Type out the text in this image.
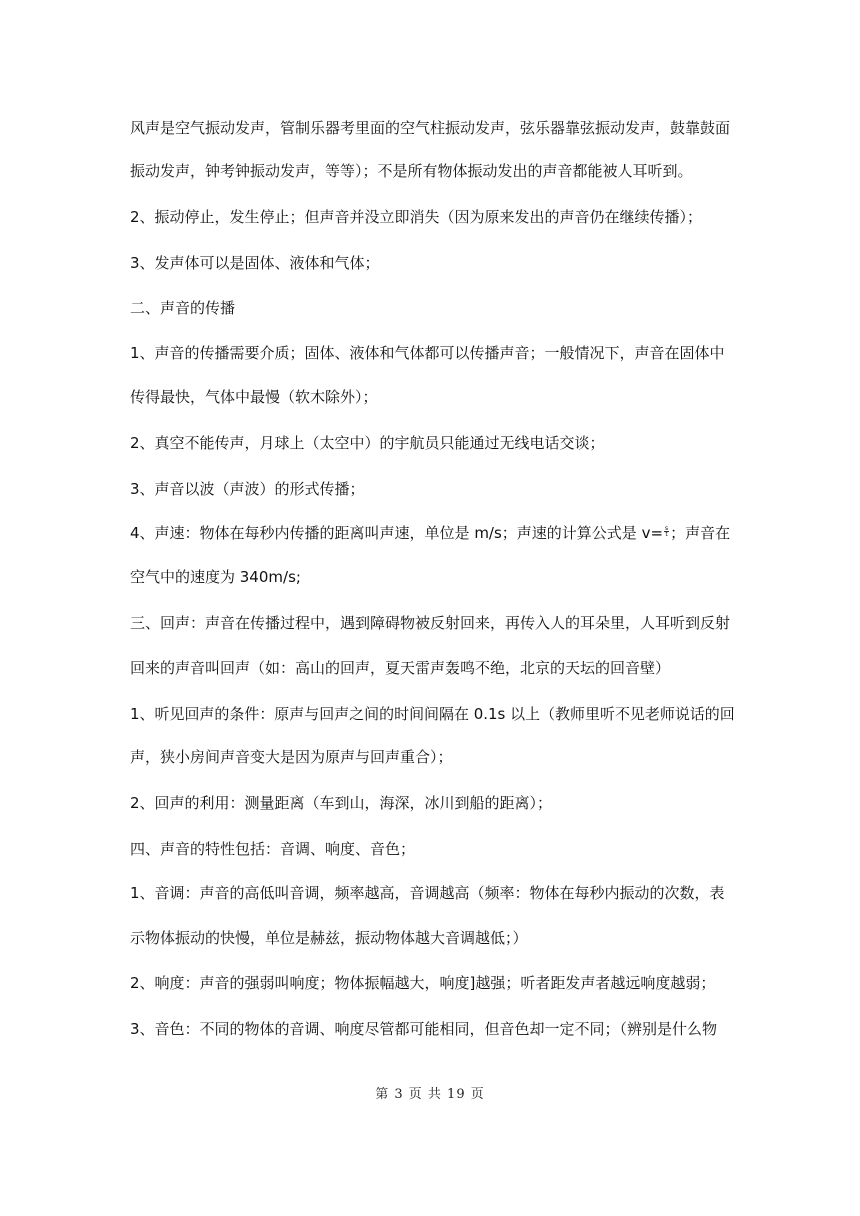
风声是空气振动发声，管制乐器考里面的空气柱振动发声，弦乐器靠弦振动发声，鼓靠鼓面
振动发声，钟考钟振动发声，等等）；不是所有物体振动发出的声音都能被人耳听到。
2、振动停止，发生停止；但声音并没立即消失（因为原来发出的声音仍在继续传播）；
3、发声体可以是固体、液体和气体；
二、声音的传播
1、声音的传播需要介质；固体、液体和气体都可以传播声音；一般情况下，声音在固体中
传得最快，气体中最慢（软木除外）；
2、真空不能传声，月球上（太空中）的宇航员只能通过无线电话交谈；
3、声音以波（声波）的形式传播；
4、声速：物体在每秒内传播的距离叫声速，单位是 m/s；声速的计算公式是 $v= \frac{s}{t}$ ；声音在
空气中的速度为 340m/s;
三、回声：声音在传播过程中，遇到障碍物被反射回来，再传入人的耳朵里，人耳听到反射
回来的声音叫回声（如：高山的回声，夏天雷声轰鸣不绝，北京的天坛的回音壁）
1、听见回声的条件：原声与回声之间的时间间隔在 0.1s 以上（教师里听不见老师说话的回
声，狭小房间声音变大是因为原声与回声重合）；
2、回声的利用：测量距离（车到山，海深，冰川到船的距离）；
四、声音的特性包括：音调、响度、音色；
1、音调：声音的高低叫音调，频率越高，音调越高（频率：物体在每秒内振动的次数，表
示物体振动的快慢，单位是赫兹，振动物体越大音调越低；）
2、响度：声音的强弱叫响度；物体振幅越大，响度]越强；听者距发声者越远响度越弱；
3、音色：不同的物体的音调、响度尽管都可能相同，但音色却一定不同；（辨别是什么物
第 3 页 共 19 页
